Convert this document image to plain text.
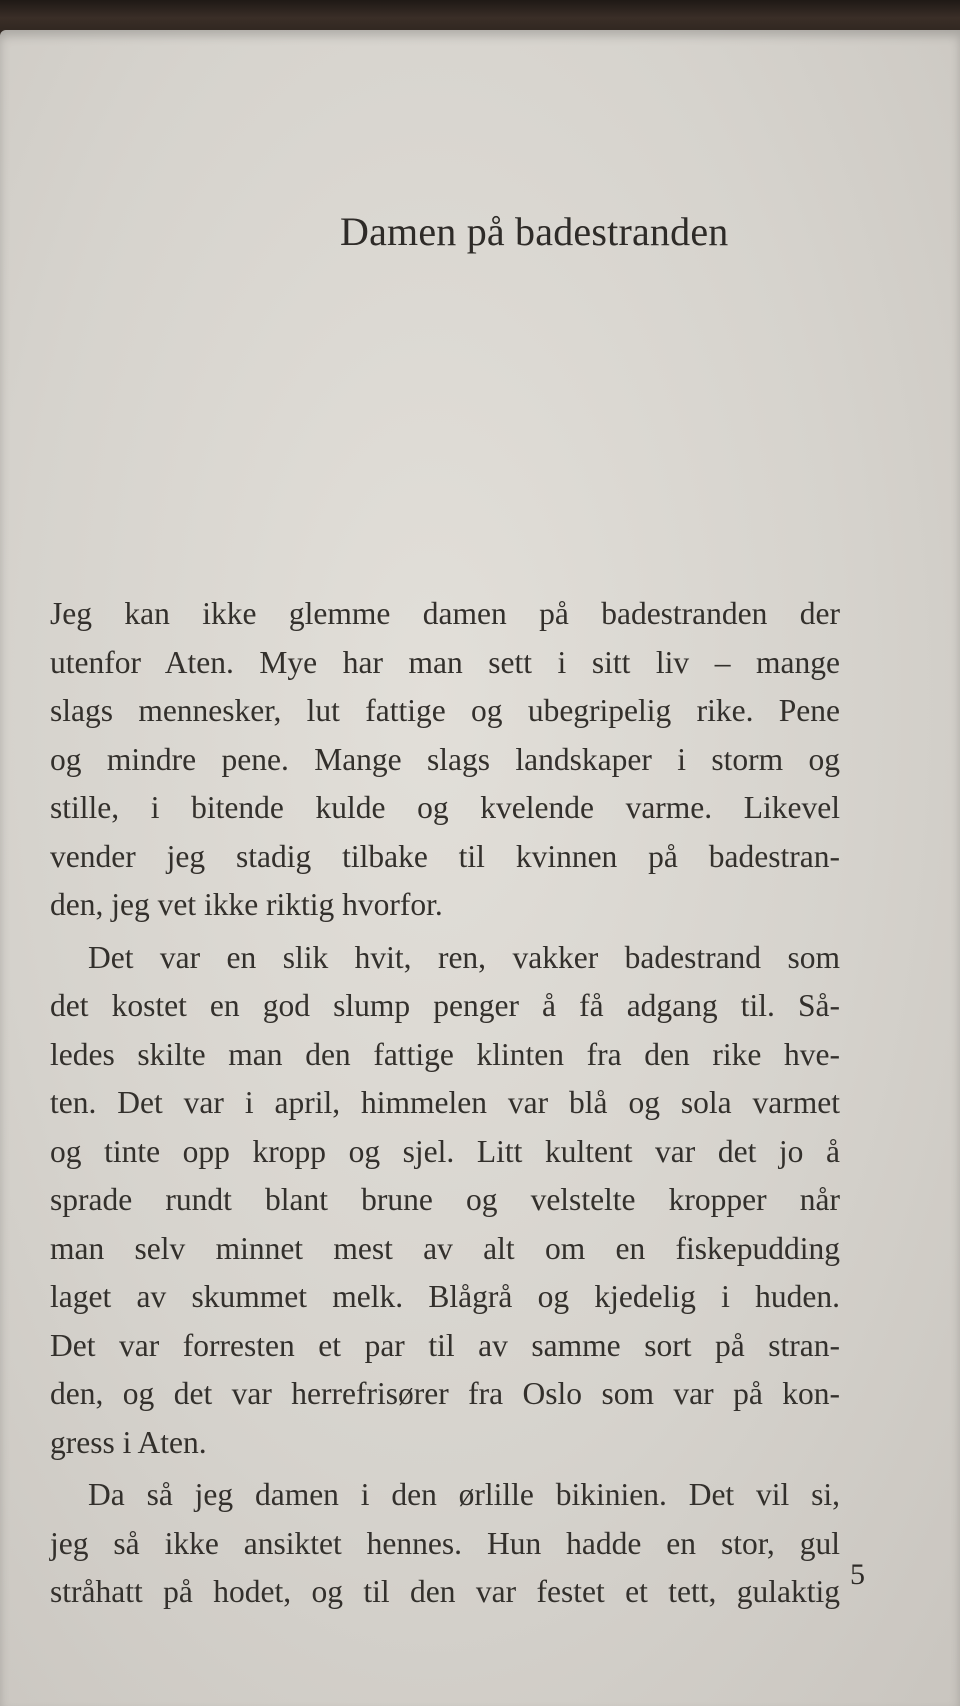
Damen på badestranden
Jeg kan ikke glemme damen på badestranden der
utenfor Aten. Mye har man sett i sitt liv – mange
slags mennesker, lut fattige og ubegripelig rike. Pene
og mindre pene. Mange slags landskaper i storm og
stille, i bitende kulde og kvelende varme. Likevel
vender jeg stadig tilbake til kvinnen på badestran-
den, jeg vet ikke riktig hvorfor.
Det var en slik hvit, ren, vakker badestrand som
det kostet en god slump penger å få adgang til. Så-
ledes skilte man den fattige klinten fra den rike hve-
ten. Det var i april, himmelen var blå og sola varmet
og tinte opp kropp og sjel. Litt kultent var det jo å
sprade rundt blant brune og velstelte kropper når
man selv minnet mest av alt om en fiskepudding
laget av skummet melk. Blågrå og kjedelig i huden.
Det var forresten et par til av samme sort på stran-
den, og det var herrefrisører fra Oslo som var på kon-
gress i Aten.
Da så jeg damen i den ørlille bikinien. Det vil si,
jeg så ikke ansiktet hennes. Hun hadde en stor, gul
stråhatt på hodet, og til den var festet et tett, gulaktig 5
